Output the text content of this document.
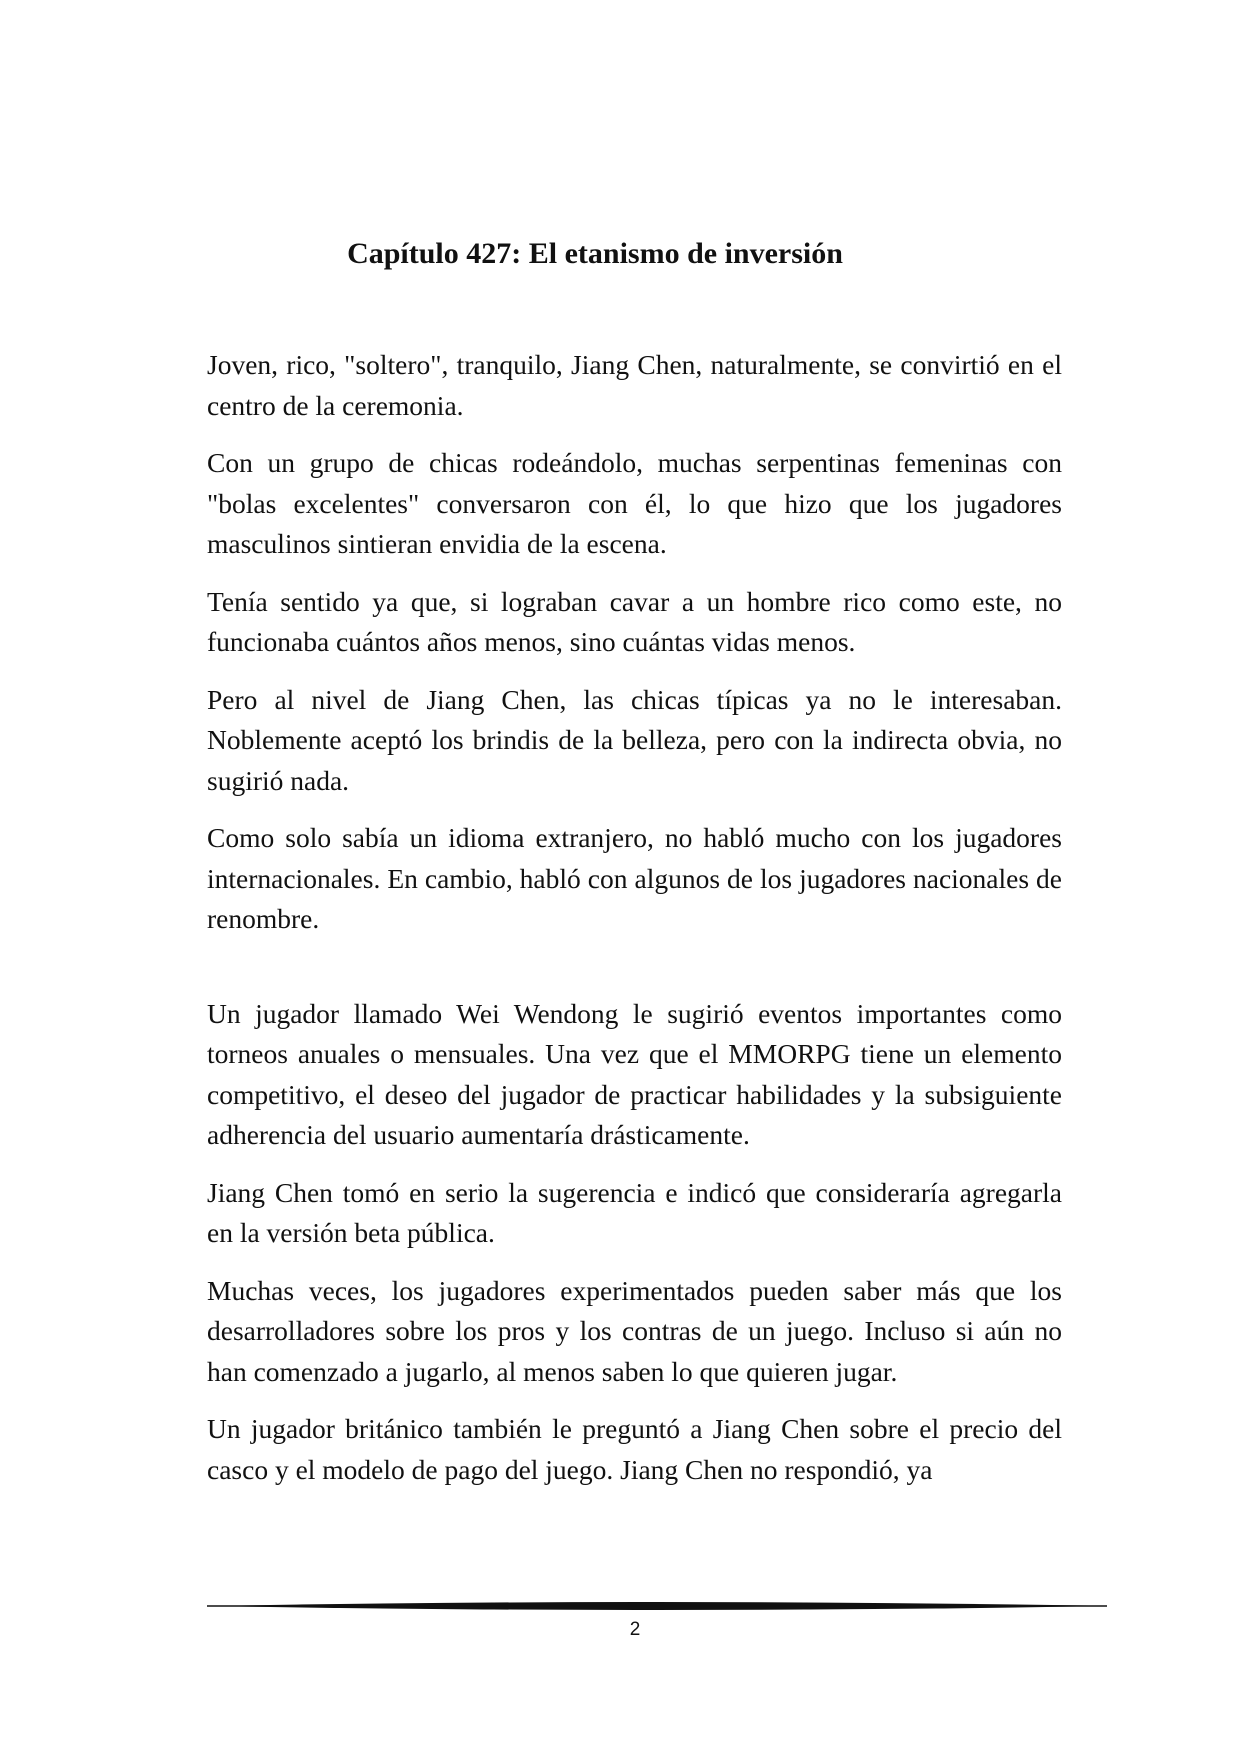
Capítulo 427: El etanismo de inversión

Joven, rico, "soltero", tranquilo, Jiang Chen, naturalmente, se convirtió en el centro de la ceremonia.

Con un grupo de chicas rodeándolo, muchas serpentinas femeninas con "bolas excelentes" conversaron con él, lo que hizo que los jugadores masculinos sintieran envidia de la escena.

Tenía sentido ya que, si lograban cavar a un hombre rico como este, no funcionaba cuántos años menos, sino cuántas vidas menos.

Pero al nivel de Jiang Chen, las chicas típicas ya no le interesaban. Noblemente aceptó los brindis de la belleza, pero con la indirecta obvia, no sugirió nada.

Como solo sabía un idioma extranjero, no habló mucho con los jugadores internacionales. En cambio, habló con algunos de los jugadores nacionales de renombre.

Un jugador llamado Wei Wendong le sugirió eventos importantes como torneos anuales o mensuales. Una vez que el MMORPG tiene un elemento competitivo, el deseo del jugador de practicar habilidades y la subsiguiente adherencia del usuario aumentaría drásticamente.

Jiang Chen tomó en serio la sugerencia e indicó que consideraría agregarla en la versión beta pública.

Muchas veces, los jugadores experimentados pueden saber más que los desarrolladores sobre los pros y los contras de un juego. Incluso si aún no han comenzado a jugarlo, al menos saben lo que quieren jugar.

Un jugador británico también le preguntó a Jiang Chen sobre el precio del casco y el modelo de pago del juego. Jiang Chen no respondió, ya

2
